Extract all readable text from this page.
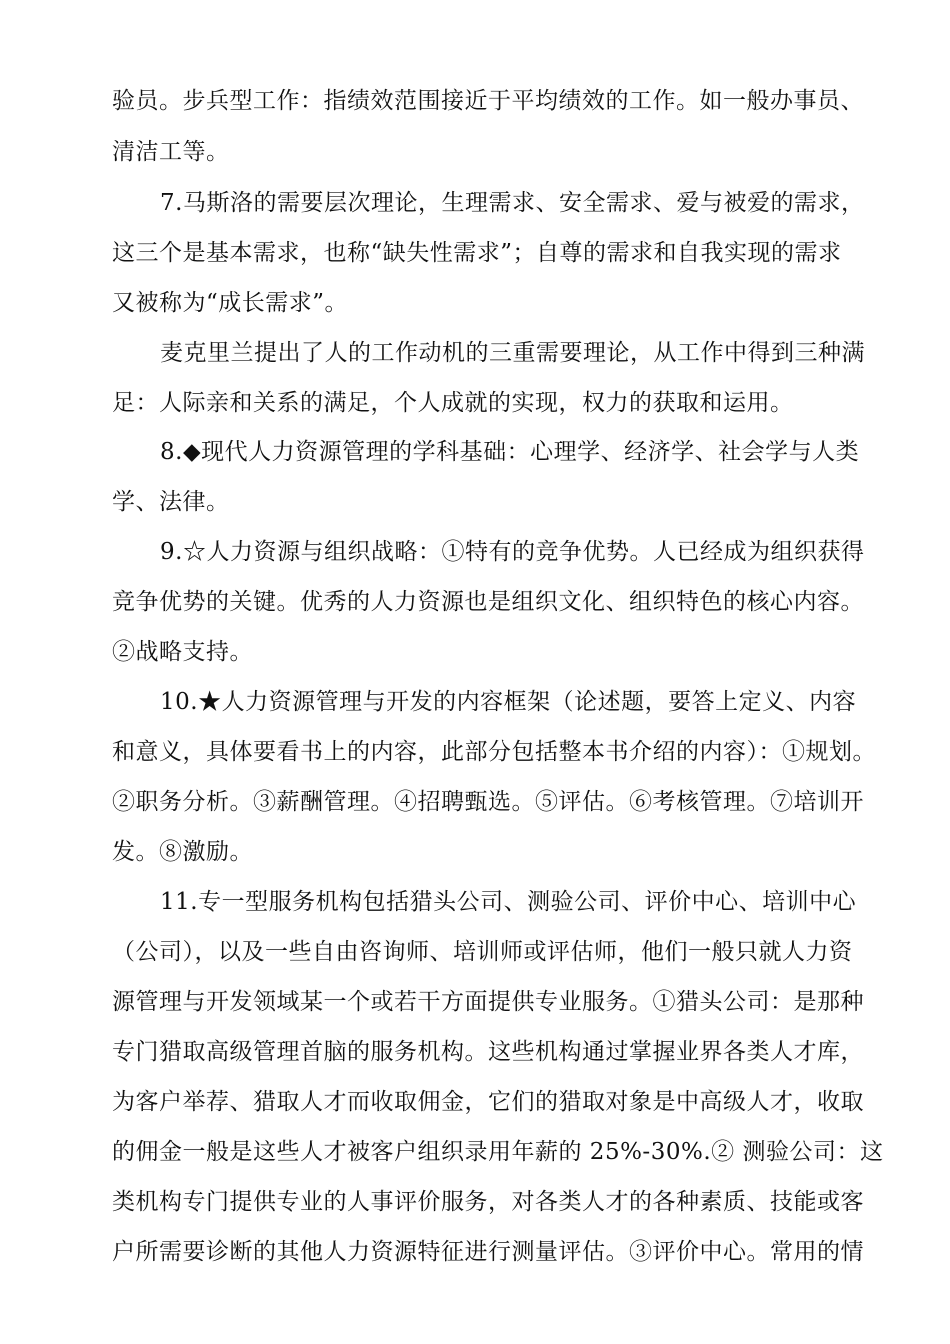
验员。步兵型工作：指绩效范围接近于平均绩效的工作。如一般办事员、
清洁工等。
7.马斯洛的需要层次理论，生理需求、安全需求、爱与被爱的需求，
这三个是基本需求，也称“缺失性需求”；自尊的需求和自我实现的需求
又被称为“成长需求”。
麦克里兰提出了人的工作动机的三重需要理论，从工作中得到三种满
足：人际亲和关系的满足，个人成就的实现，权力的获取和运用。
8.◆现代人力资源管理的学科基础：心理学、经济学、社会学与人类
学、法律。
9.☆人力资源与组织战略：①特有的竞争优势。人已经成为组织获得
竞争优势的关键。优秀的人力资源也是组织文化、组织特色的核心内容。
②战略支持。
10.★人力资源管理与开发的内容框架（论述题，要答上定义、内容
和意义，具体要看书上的内容，此部分包括整本书介绍的内容）：①规划。
②职务分析。③薪酬管理。④招聘甄选。⑤评估。⑥考核管理。⑦培训开
发。⑧激励。
11.专一型服务机构包括猎头公司、测验公司、评价中心、培训中心
（公司），以及一些自由咨询师、培训师或评估师，他们一般只就人力资
源管理与开发领域某一个或若干方面提供专业服务。①猎头公司：是那种
专门猎取高级管理首脑的服务机构。这些机构通过掌握业界各类人才库，
为客户举荐、猎取人才而收取佣金，它们的猎取对象是中高级人才，收取
的佣金一般是这些人才被客户组织录用年薪的 25%-30%.② 测验公司：这
类机构专门提供专业的人事评价服务，对各类人才的各种素质、技能或客
户所需要诊断的其他人力资源特征进行测量评估。③评价中心。常用的情
